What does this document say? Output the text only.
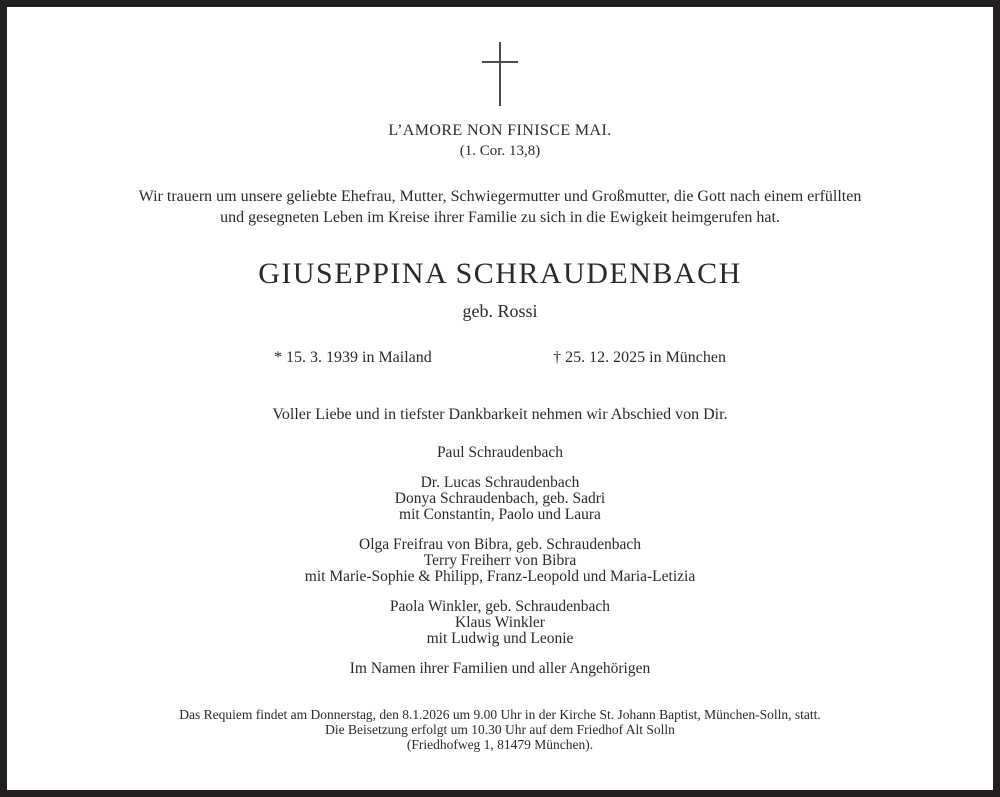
L’AMORE NON FINISCE MAI.
(1. Cor. 13,8)
Wir trauern um unsere geliebte Ehefrau, Mutter, Schwiegermutter und Großmutter, die Gott nach einem erfüllten
und gesegneten Leben im Kreise ihrer Familie zu sich in die Ewigkeit heimgerufen hat.
GIUSEPPINA SCHRAUDENBACH
geb. Rossi
* 15. 3. 1939 in Mailand	† 25. 12. 2025 in München
Voller Liebe und in tiefster Dankbarkeit nehmen wir Abschied von Dir.
Paul Schraudenbach
Dr. Lucas Schraudenbach
Donya Schraudenbach, geb. Sadri
mit Constantin, Paolo und Laura
Olga Freifrau von Bibra, geb. Schraudenbach
Terry Freiherr von Bibra
mit Marie-Sophie & Philipp, Franz-Leopold und Maria-Letizia
Paola Winkler, geb. Schraudenbach
Klaus Winkler
mit Ludwig und Leonie
Im Namen ihrer Familien und aller Angehörigen
Das Requiem findet am Donnerstag, den 8.1.2026 um 9.00 Uhr in der Kirche St. Johann Baptist, München-Solln, statt.
Die Beisetzung erfolgt um 10.30 Uhr auf dem Friedhof Alt Solln
(Friedhofweg 1, 81479 München).
